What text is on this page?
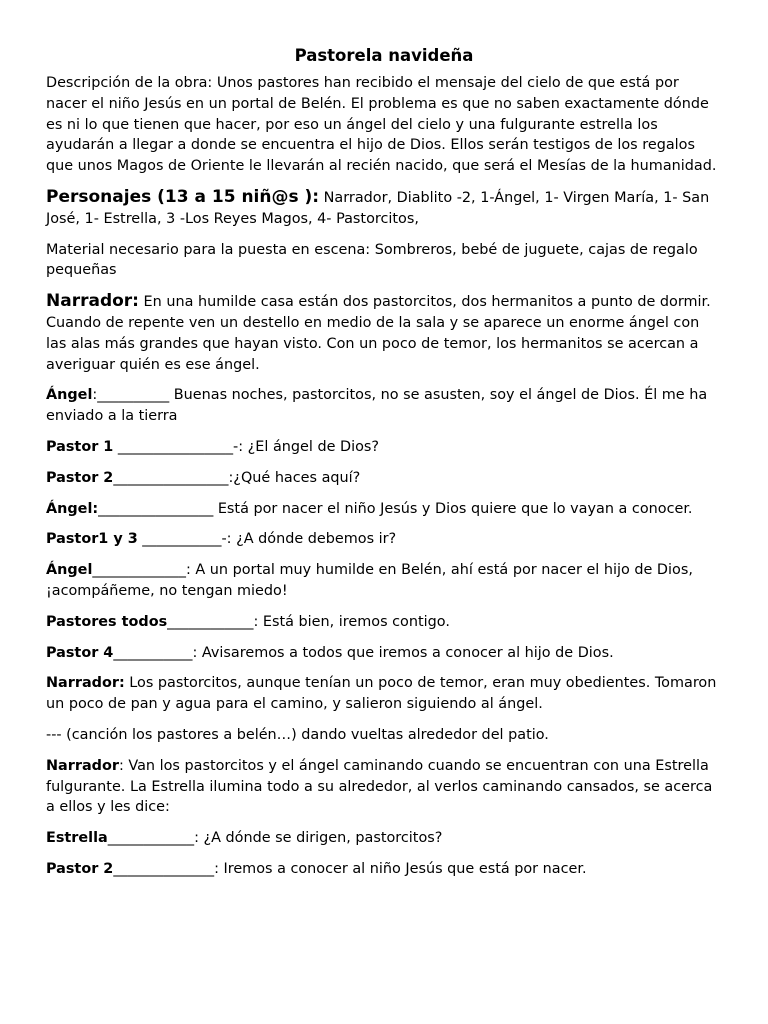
Pastorela navideña

Descripción de la obra: Unos pastores han recibido el mensaje del cielo de que está por nacer el niño Jesús en un portal de Belén. El problema es que no saben exactamente dónde es ni lo que tienen que hacer, por eso un ángel del cielo y una fulgurante estrella los ayudarán a llegar a donde se encuentra el hijo de Dios. Ellos serán testigos de los regalos que unos Magos de Oriente le llevarán al recién nacido, que será el Mesías de la humanidad.

Personajes (13 a 15 niñ@s ): Narrador, Diablito -2, 1-Ángel, 1- Virgen María, 1- San José, 1- Estrella, 3 -Los Reyes Magos, 4- Pastorcitos,

Material necesario para la puesta en escena: Sombreros, bebé de juguete, cajas de regalo pequeñas

Narrador: En una humilde casa están dos pastorcitos, dos hermanitos a punto de dormir. Cuando de repente ven un destello en medio de la sala y se aparece un enorme ángel con las alas más grandes que hayan visto. Con un poco de temor, los hermanitos se acercan a averiguar quién es ese ángel.

Ángel:__________ Buenas noches, pastorcitos, no se asusten, soy el ángel de Dios. Él me ha enviado a la tierra

Pastor 1 ________________-: ¿El ángel de Dios?

Pastor 2________________:¿Qué haces aquí?

Ángel:________________ Está por nacer el niño Jesús y Dios quiere que lo vayan a conocer.

Pastor1 y 3 ___________-: ¿A dónde debemos ir?

Ángel_____________: A un portal muy humilde en Belén, ahí está por nacer el hijo de Dios, ¡acompáñeme, no tengan miedo!

Pastores todos____________: Está bien, iremos contigo.

Pastor 4___________: Avisaremos a todos que iremos a conocer al hijo de Dios.

Narrador: Los pastorcitos, aunque tenían un poco de temor, eran muy obedientes. Tomaron un poco de pan y agua para el camino, y salieron siguiendo al ángel.

--- (canción los pastores a belén…) dando vueltas alrededor del patio.

Narrador: Van los pastorcitos y el ángel caminando cuando se encuentran con una Estrella fulgurante. La Estrella ilumina todo a su alrededor, al verlos caminando cansados, se acerca a ellos y les dice:

Estrella____________: ¿A dónde se dirigen, pastorcitos?

Pastor 2______________: Iremos a conocer al niño Jesús que está por nacer.
